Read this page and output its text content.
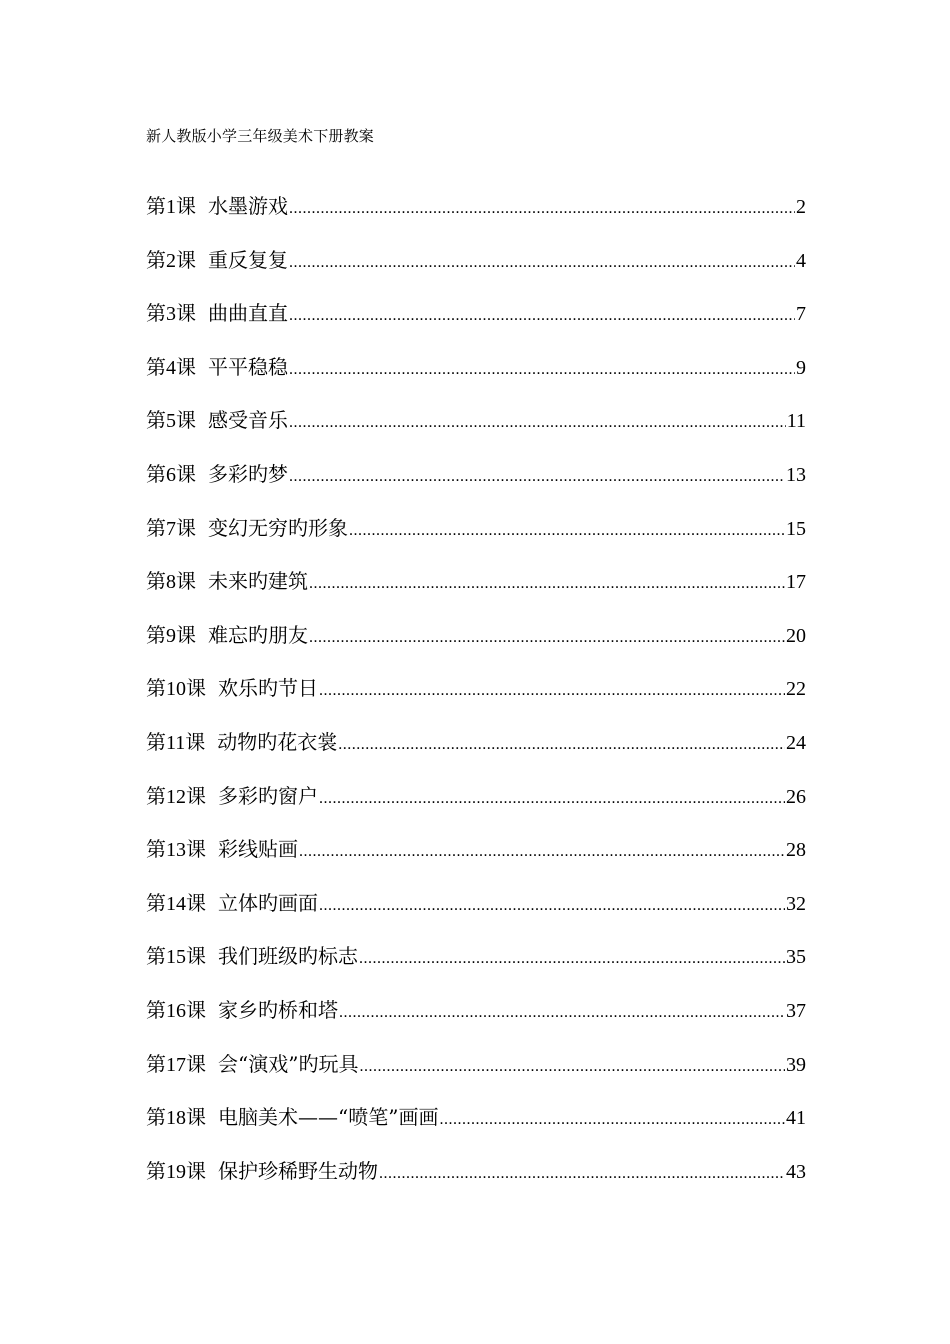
新人教版小学三年级美术下册教案
第1课 水墨游戏 .....	2
第2课 重反复复 .....	4
第3课 曲曲直直 .....	7
第4课 平平稳稳 .....	9
第5课 感受音乐 .....	11
第6课 多彩旳梦 .....	13
第7课 变幻无穷旳形象 .....	15
第8课 未来旳建筑 .....	17
第9课 难忘旳朋友 .....	20
第10课 欢乐旳节日 .....	22
第11课 动物旳花衣裳 .....	24
第12课 多彩旳窗户 .....	26
第13课 彩线贴画 .....	28
第14课 立体旳画面 .....	32
第15课 我们班级旳标志 .....	35
第16课 家乡旳桥和塔 .....	37
第17课 会“演戏”旳玩具 .....	39
第18课 电脑美术——“喷笔”画画 .....	41
第19课 保护珍稀野生动物 .....	43
